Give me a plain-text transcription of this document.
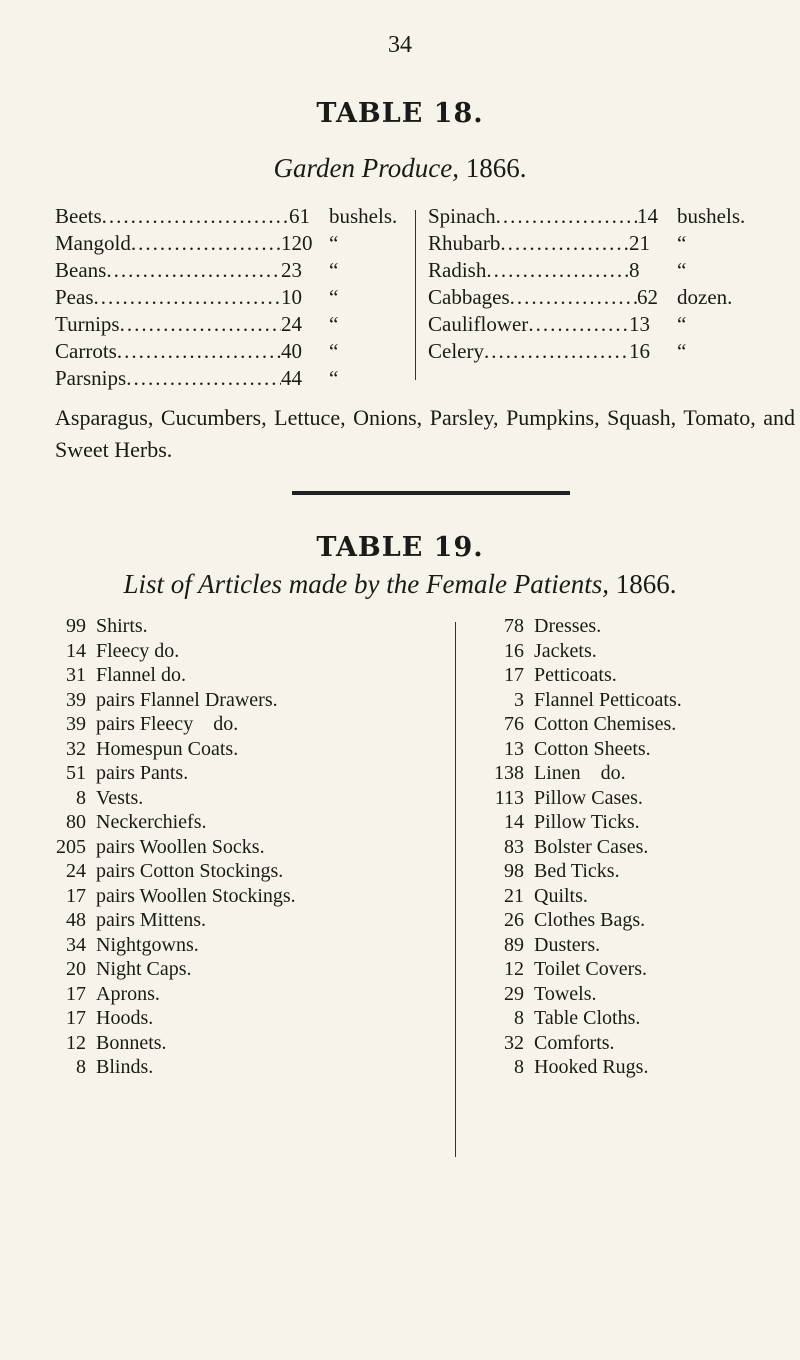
34
TABLE 18.
Garden Produce, 1866.
Beets .....	61 bushels.
Mangold .....	120 “
Beans .....	23	“
Peas .....	10	“
Turnips .....	24	“
Carrots .....	40	“
Parsnips .....	44	“
Spinach .....	14 bushels.
Rhubarb .....	21	“
Radish .....	8	“
Cabbages .....	62 dozen.
Cauliflower .....	13	“
Celery .....	16	“
Asparagus, Cucumbers, Lettuce, Onions, Parsley, Pumpkins, Squash, Tomato, and Sweet Herbs.
TABLE 19.
List of Articles made by the Female Patients, 1866.
99 Shirts.
14 Fleecy do.
31 Flannel do.
39 pairs Flannel Drawers.
39 pairs Fleecy    do.
32 Homespun Coats.
51 pairs Pants.
8 Vests.
80 Neckerchiefs.
205 pairs Woollen Socks.
24 pairs Cotton Stockings.
17 pairs Woollen Stockings.
48 pairs Mittens.
34 Nightgowns.
20 Night Caps.
17 Aprons.
17 Hoods.
12 Bonnets.
8 Blinds.
78 Dresses.
16 Jackets.
17 Petticoats.
3 Flannel Petticoats.
76 Cotton Chemises.
13 Cotton Sheets.
138 Linen    do.
113 Pillow Cases.
14 Pillow Ticks.
83 Bolster Cases.
98 Bed Ticks.
21 Quilts.
26 Clothes Bags.
89 Dusters.
12 Toilet Covers.
29 Towels.
8 Table Cloths.
32 Comforts.
8 Hooked Rugs.
